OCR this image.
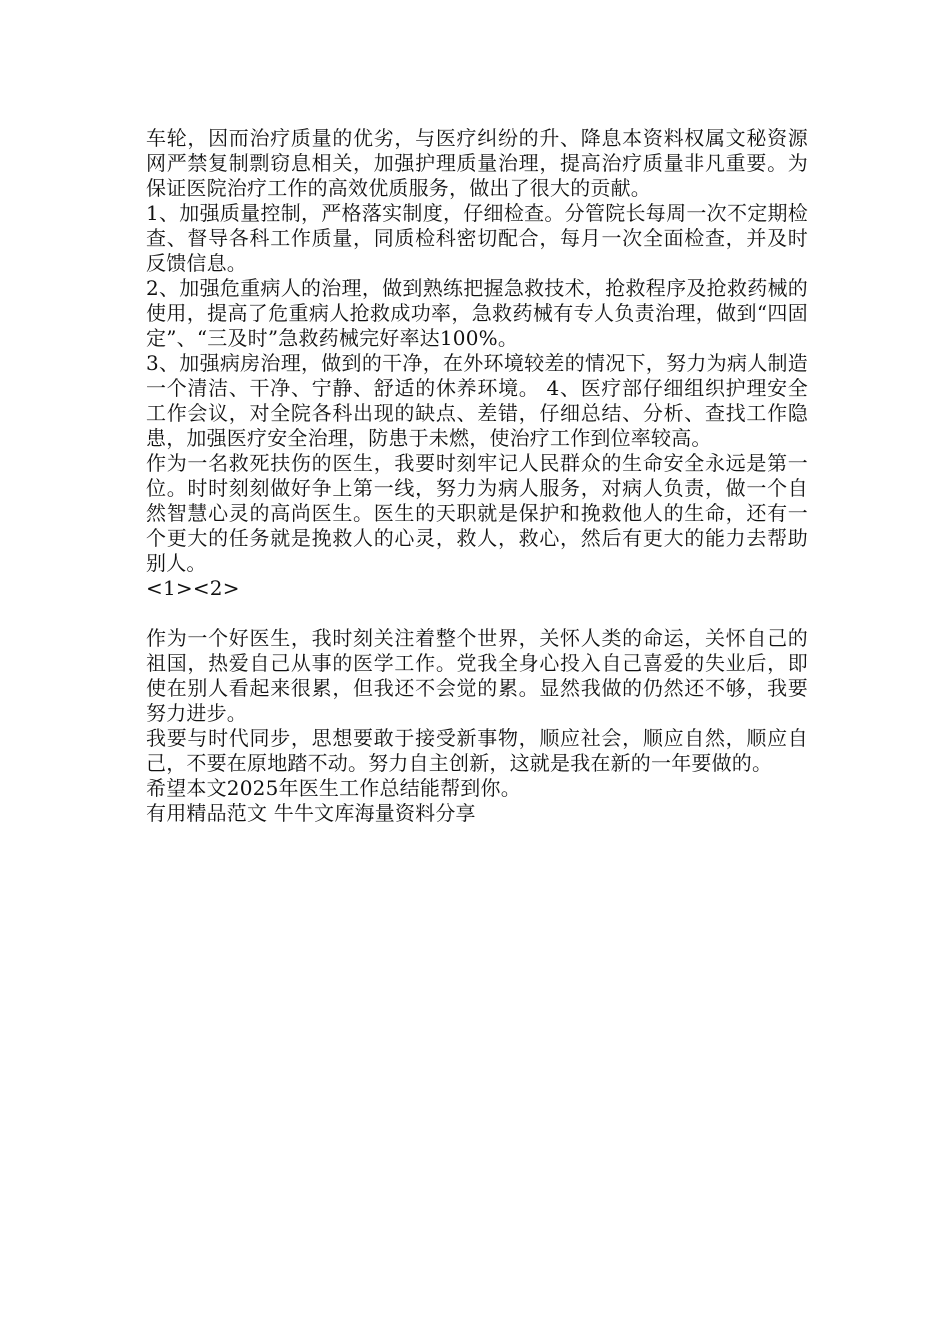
车轮，因而治疗质量的优劣，与医疗纠纷的升、降息本资料权属文秘资源网严禁复制剽窃息相关，加强护理质量治理，提高治疗质量非凡重要。为保证医院治疗工作的高效优质服务，做出了很大的贡献。

1、加强质量控制，严格落实制度，仔细检查。分管院长每周一次不定期检查、督导各科工作质量，同质检科密切配合，每月一次全面检查，并及时反馈信息。

2、加强危重病人的治理，做到熟练把握急救技术，抢救程序及抢救药械的使用，提高了危重病人抢救成功率，急救药械有专人负责治理，做到“四固定”、“三及时”急救药械完好率达100%。

3、加强病房治理，做到的干净，在外环境较差的情况下，努力为病人制造一个清洁、干净、宁静、舒适的休养环境。 4、医疗部仔细组织护理安全工作会议，对全院各科出现的缺点、差错，仔细总结、分析、查找工作隐患，加强医疗安全治理，防患于未燃，使治疗工作到位率较高。

作为一名救死扶伤的医生，我要时刻牢记人民群众的生命安全永远是第一位。时时刻刻做好争上第一线，努力为病人服务，对病人负责，做一个自然智慧心灵的高尚医生。医生的天职就是保护和挽救他人的生命，还有一个更大的任务就是挽救人的心灵，救人，救心，然后有更大的能力去帮助别人。

<1><2>

作为一个好医生，我时刻关注着整个世界，关怀人类的命运，关怀自己的祖国，热爱自己从事的医学工作。党我全身心投入自己喜爱的失业后，即使在别人看起来很累，但我还不会觉的累。显然我做的仍然还不够，我要努力进步。

我要与时代同步，思想要敢于接受新事物，顺应社会，顺应自然，顺应自己，不要在原地踏不动。努力自主创新，这就是我在新的一年要做的。

希望本文2025年医生工作总结能帮到你。

有用精品范文 牛牛文库海量资料分享
